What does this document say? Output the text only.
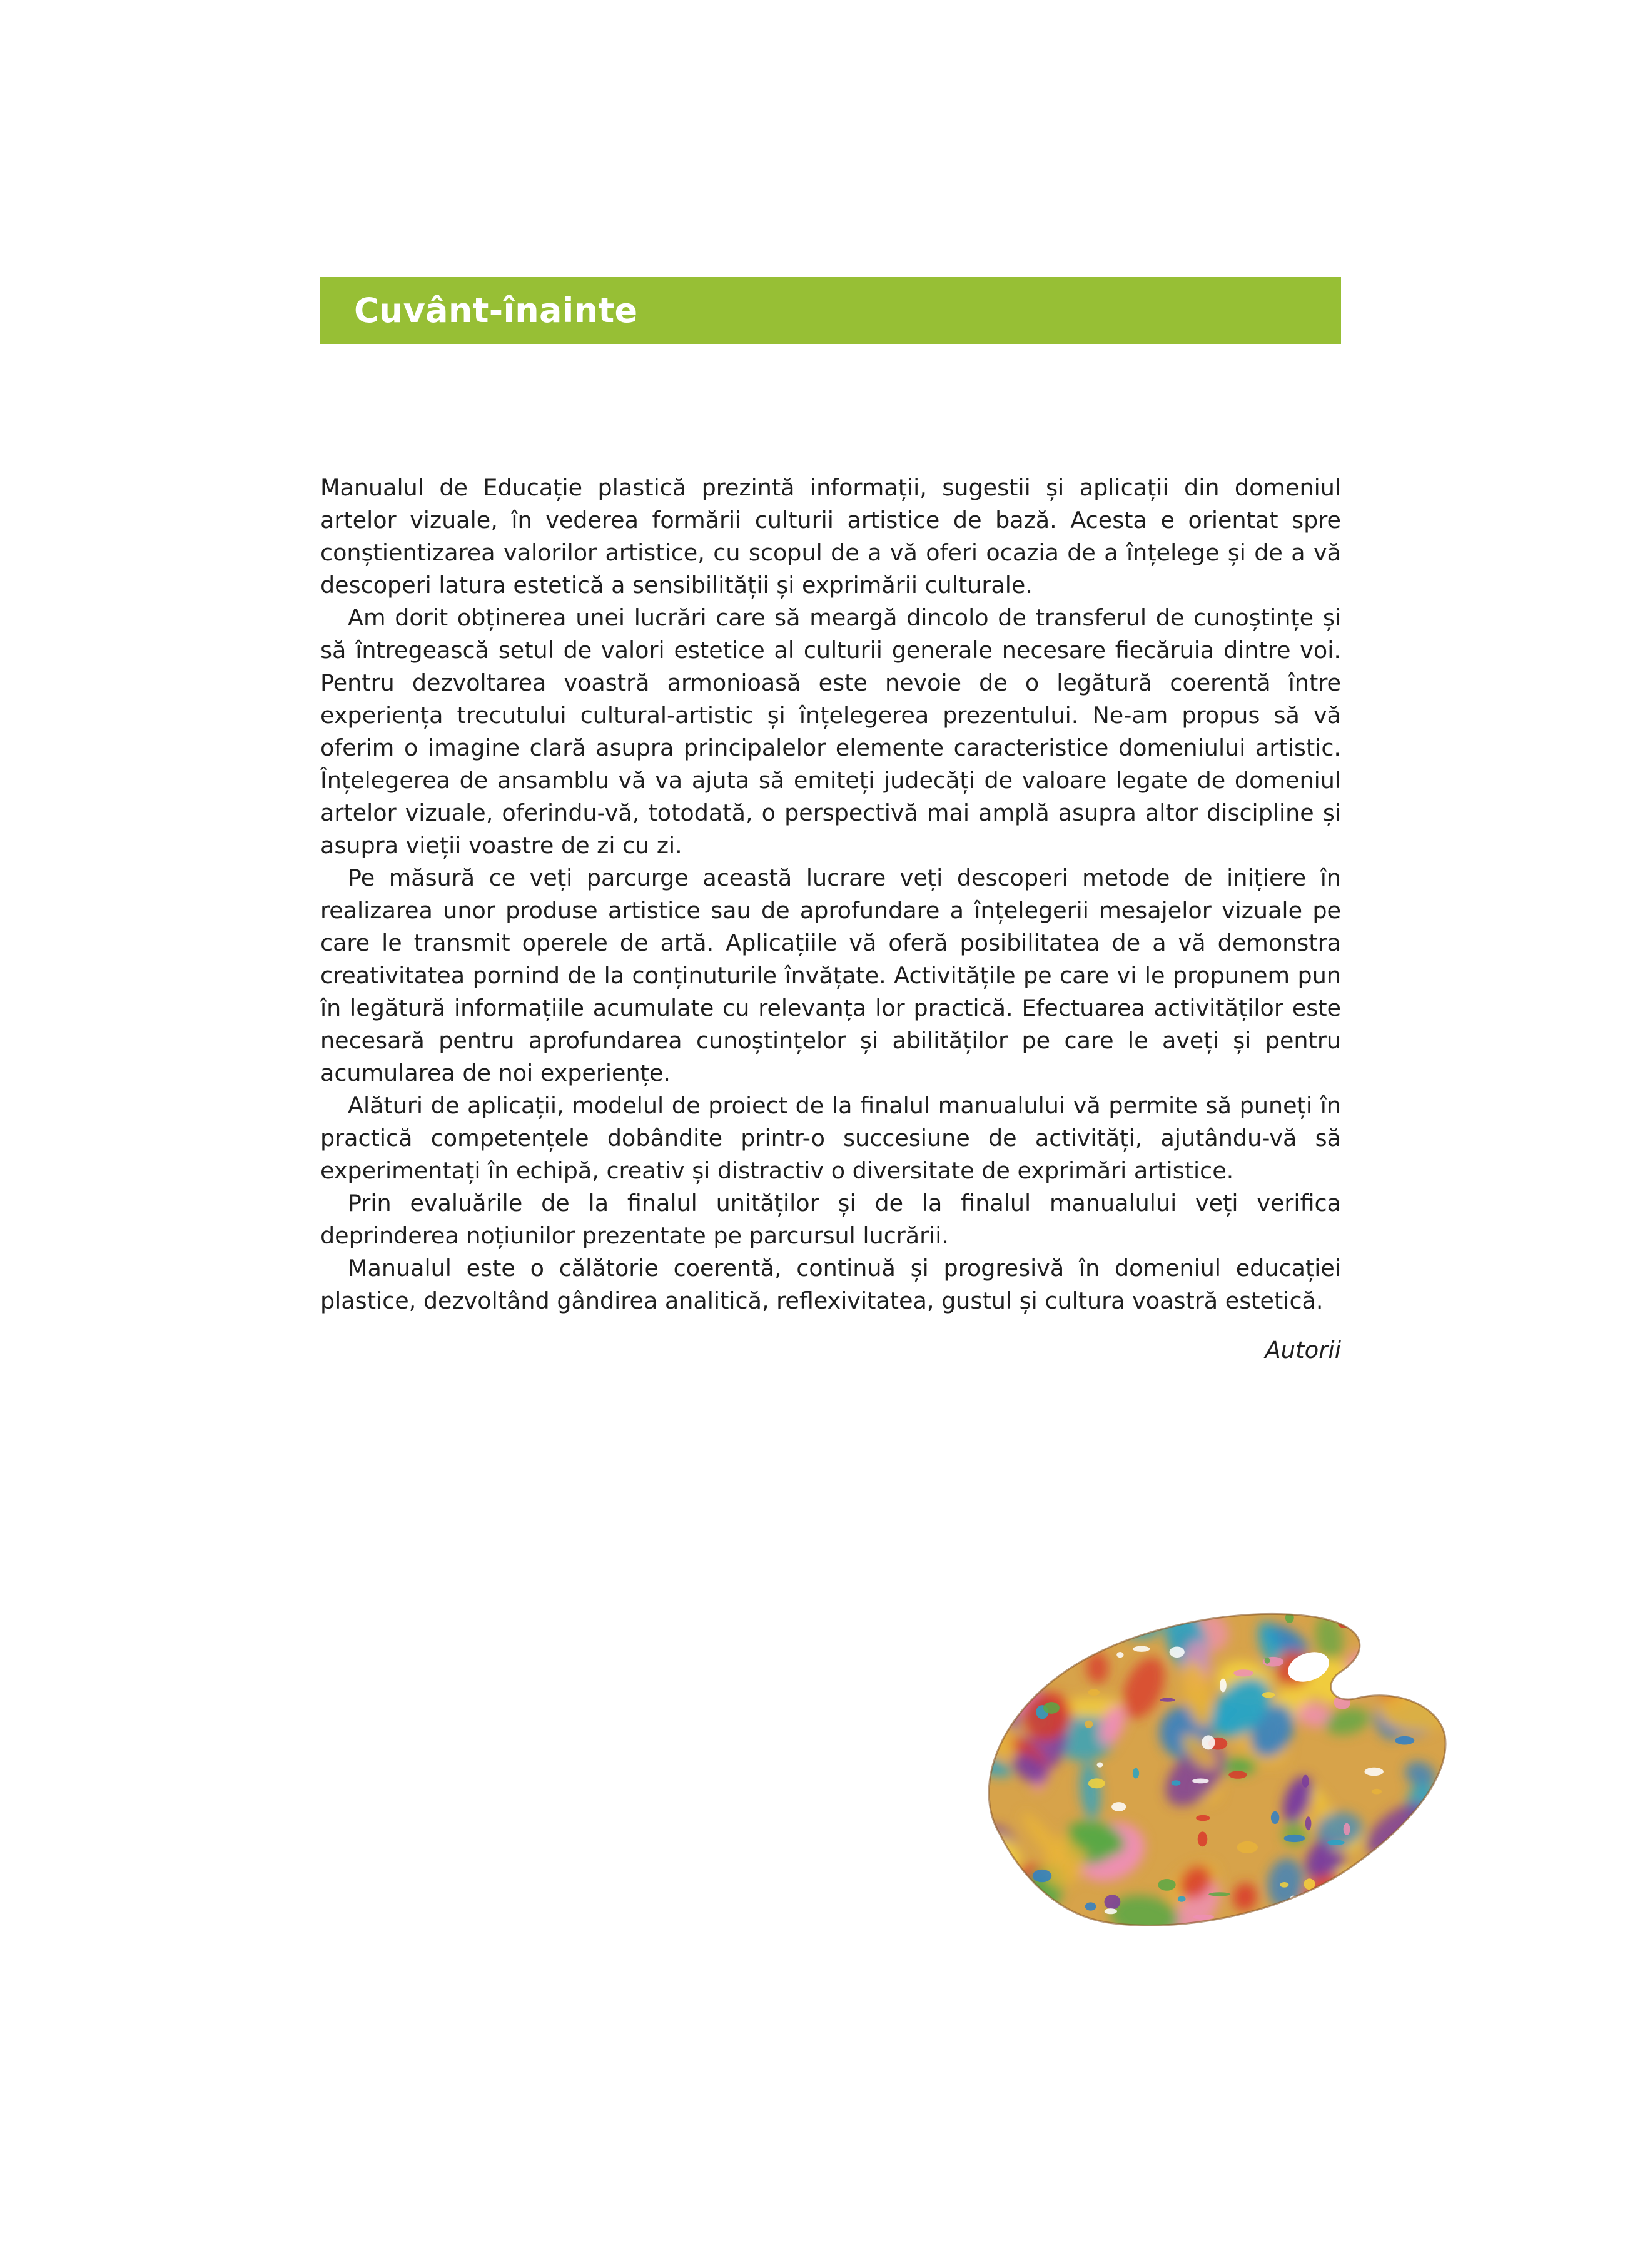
Cuvânt-înainte

Manualul de Educație plastică prezintă informații, sugestii și aplicații din domeniul artelor vizuale, în vederea formării culturii artistice de bază. Acesta e orientat spre conștientizarea valorilor artistice, cu scopul de a vă oferi ocazia de a înțelege și de a vă descoperi latura estetică a sensibilității și exprimării culturale.

Am dorit obținerea unei lucrări care să meargă dincolo de transferul de cunoștințe și să întregească setul de valori estetice al culturii generale necesare fiecăruia dintre voi. Pentru dezvoltarea voastră armonioasă este nevoie de o legătură coerentă între experiența trecutului cultural-artistic și înțelegerea prezentului. Ne-am propus să vă oferim o imagine clară asupra principalelor elemente caracteristice domeniului artistic. Înțelegerea de ansamblu vă va ajuta să emiteți judecăți de valoare legate de domeniul artelor vizuale, oferindu-vă, totodată, o perspectivă mai amplă asupra altor discipline și asupra vieții voastre de zi cu zi.

Pe măsură ce veți parcurge această lucrare veți descoperi metode de inițiere în realizarea unor produse artistice sau de aprofundare a înțelegerii mesajelor vizuale pe care le transmit operele de artă. Aplicațiile vă oferă posibilitatea de a vă demonstra creativitatea pornind de la conținuturile învățate. Activitățile pe care vi le propunem pun în legătură informațiile acumulate cu relevanța lor practică. Efectuarea activităților este necesară pentru aprofundarea cunoștințelor și abilităților pe care le aveți și pentru acumularea de noi experiențe.

Alături de aplicații, modelul de proiect de la finalul manualului vă permite să puneți în practică competențele dobândite printr-o succesiune de activități, ajutându-vă să experimentați în echipă, creativ și distractiv o diversitate de exprimări artistice.

Prin evaluările de la finalul unităților și de la finalul manualului veți verifica deprinderea noțiunilor prezentate pe parcursul lucrării.

Manualul este o călătorie coerentă, continuă și progresivă în domeniul educației plastice, dezvoltând gândirea analitică, reflexivitatea, gustul și cultura voastră estetică.

Autorii
